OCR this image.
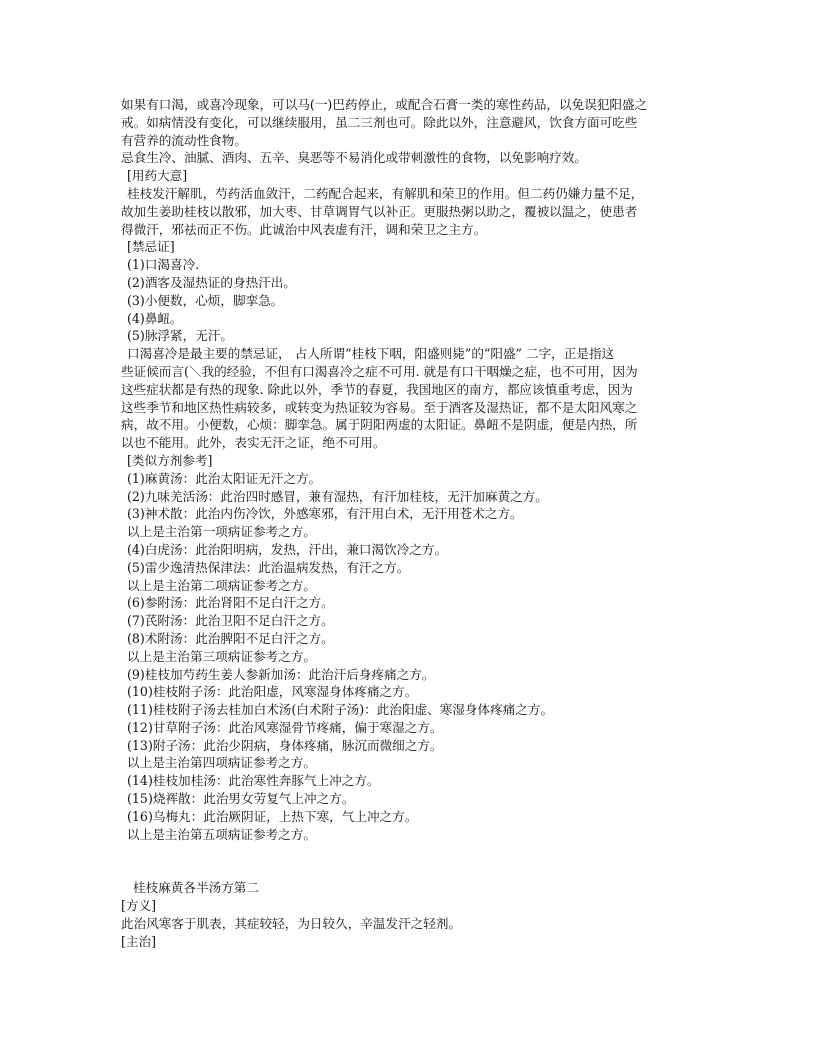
如果有口渴，或喜冷现象，可以马(一)巴药停止，或配合石膏一类的寒性药品，以免误犯阳盛之
戒。如病情没有变化，可以继续服用，虽二三剂也可。除此以外，注意避风，饮食方面可吃些
有营养的流动性食物。
忌食生冷、油腻、酒肉、五辛、臭恶等不易消化或带刺激性的食物，以免影响疗效。
[用药大意]
桂枝发汗解肌，芍药活血敛汗，二药配合起来，有解肌和荣卫的作用。但二药仍嫌力量不足，
故加生姜助桂枝以散邪，加大枣、甘草调胃气以补正。更服热粥以助之，覆被以温之，使患者
得微汗，邪祛而正不伤。此诚治中风表虚有汗，调和荣卫之主方。
[禁忌证]
(1)口渴喜冷.
(2)酒客及湿热证的身热汗出。
(3)小便数，心烦，脚挛急。
(4)鼻衄。
(5)脉浮紧，无汗。
口渴喜冷是最主要的禁忌证， 占人所谓“桂枝下咽，阳盛则毙”的“阳盛” 二字，正是指这
些证候而言(＼我的经验，不但有口渴喜冷之症不可用. 就是有口干咽燥之症，也不可用，因为
这些症状都是有热的现象. 除此以外，季节的春夏，我国地区的南方，都应该慎重考虑，因为
这些季节和地区热性病较多，或转变为热证较为容易。至于酒客及湿热证，都不是太阳风寒之
病，故不用。小便数，心烦：脚挛急。属于阴阳两虚的太阳证。鼻衄不是阴虚，便是内热，所
以也不能用。此外，表实无汗之证，绝不可用。
[类似方剂参考]
(1)麻黄汤：此治太阳证无汗之方。
(2)九味羌活汤：此治四时感冒，兼有湿热，有汗加桂枝，无汗加麻黄之方。
(3)神术散：此治内伤冷饮，外感寒邪，有汗用白术，无汗用苍术之方。
以上是主治第一项病证参考之方。
(4)白虎汤：此治阳明病，发热，汗出，兼口渴饮冷之方。
(5)雷少逸清热保津法：此治温病发热，有汗之方。
以上是主治第二项病证参考之方。
(6)参附汤：此治肾阳不足白汗之方。
(7)芪附汤：此治卫阳不足白汗之方。
(8)术附汤：此治脾阳不足白汗之方。
以上是主治第三项病证参考之方。
(9)桂枝加芍药生姜人参新加汤：此治汗后身疼痛之方。
(10)桂枝附子汤：此治阳虚，风寒湿身体疼痛之方。
(11)桂枝附子汤去桂加白术汤(白术附子汤)：此治阳虚、寒湿身体疼痛之方。
(12)甘草附子汤：此治风寒湿骨节疼痛，偏于寒湿之方。
(13)附子汤：此治少阴病，身体疼痛，脉沉而微细之方。
以上是主治第四项病证参考之方。
(14)桂枝加桂汤：此治寒性奔豚气上冲之方。
(15)烧裈散：此治男女劳复气上冲之方。
(16)乌梅丸：此治厥阴证，上热下寒，气上冲之方。
以上是主治第五项病证参考之方。
桂枝麻黄各半汤方第二
[方义]
此治风寒客于肌表，其症较轻，为日较久，辛温发汗之轻剂。
[主治]
